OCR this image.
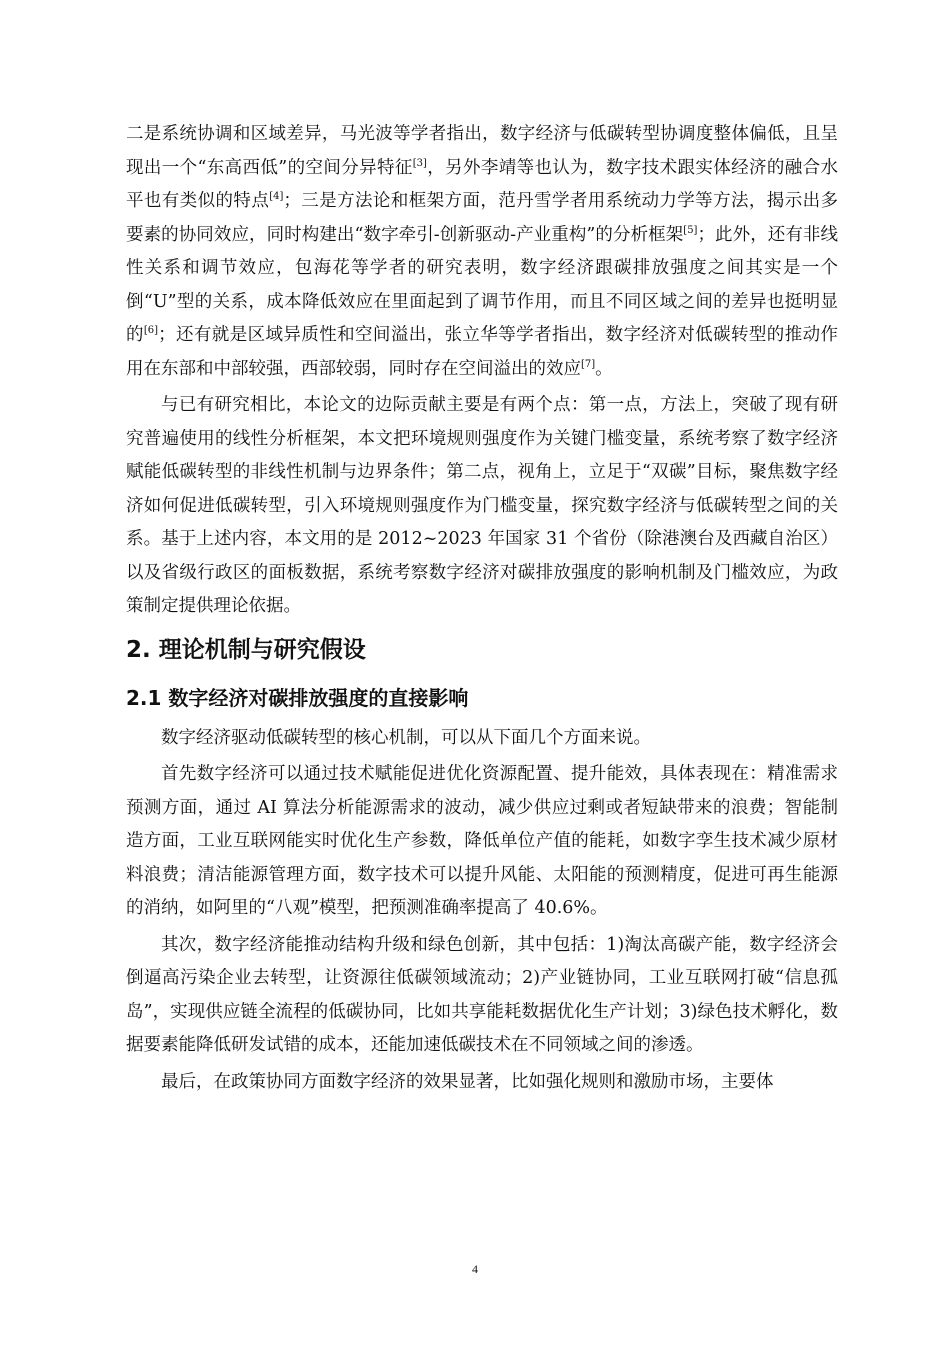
二是系统协调和区域差异，马光波等学者指出，数字经济与低碳转型协调度整体偏低，且呈现出一个“东高西低”的空间分异特征[3]，另外李靖等也认为，数字技术跟实体经济的融合水平也有类似的特点[4]；三是方法论和框架方面，范丹雪学者用系统动力学等方法，揭示出多要素的协同效应，同时构建出“数字牵引-创新驱动-产业重构”的分析框架[5]；此外，还有非线性关系和调节效应，包海花等学者的研究表明，数字经济跟碳排放强度之间其实是一个倒“U”型的关系，成本降低效应在里面起到了调节作用，而且不同区域之间的差异也挺明显的[6]；还有就是区域异质性和空间溢出，张立华等学者指出，数字经济对低碳转型的推动作用在东部和中部较强，西部较弱，同时存在空间溢出的效应[7]。

与已有研究相比，本论文的边际贡献主要是有两个点：第一点，方法上，突破了现有研究普遍使用的线性分析框架，本文把环境规则强度作为关键门槛变量，系统考察了数字经济赋能低碳转型的非线性机制与边界条件；第二点，视角上，立足于“双碳”目标，聚焦数字经济如何促进低碳转型，引入环境规则强度作为门槛变量，探究数字经济与低碳转型之间的关系。基于上述内容，本文用的是 2012~2023 年国家 31 个省份（除港澳台及西藏自治区）以及省级行政区的面板数据，系统考察数字经济对碳排放强度的影响机制及门槛效应，为政策制定提供理论依据。

2. 理论机制与研究假设
2.1 数字经济对碳排放强度的直接影响

数字经济驱动低碳转型的核心机制，可以从下面几个方面来说。

首先数字经济可以通过技术赋能促进优化资源配置、提升能效，具体表现在：精准需求预测方面，通过 AI 算法分析能源需求的波动，减少供应过剩或者短缺带来的浪费；智能制造方面，工业互联网能实时优化生产参数，降低单位产值的能耗，如数字孪生技术减少原材料浪费；清洁能源管理方面，数字技术可以提升风能、太阳能的预测精度，促进可再生能源的消纳，如阿里的“八观”模型，把预测准确率提高了 40.6%。

其次，数字经济能推动结构升级和绿色创新，其中包括：1)淘汰高碳产能，数字经济会倒逼高污染企业去转型，让资源往低碳领域流动；2)产业链协同，工业互联网打破“信息孤岛”，实现供应链全流程的低碳协同，比如共享能耗数据优化生产计划；3)绿色技术孵化，数据要素能降低研发试错的成本，还能加速低碳技术在不同领域之间的渗透。

最后，在政策协同方面数字经济的效果显著，比如强化规则和激励市场，主要体

4
